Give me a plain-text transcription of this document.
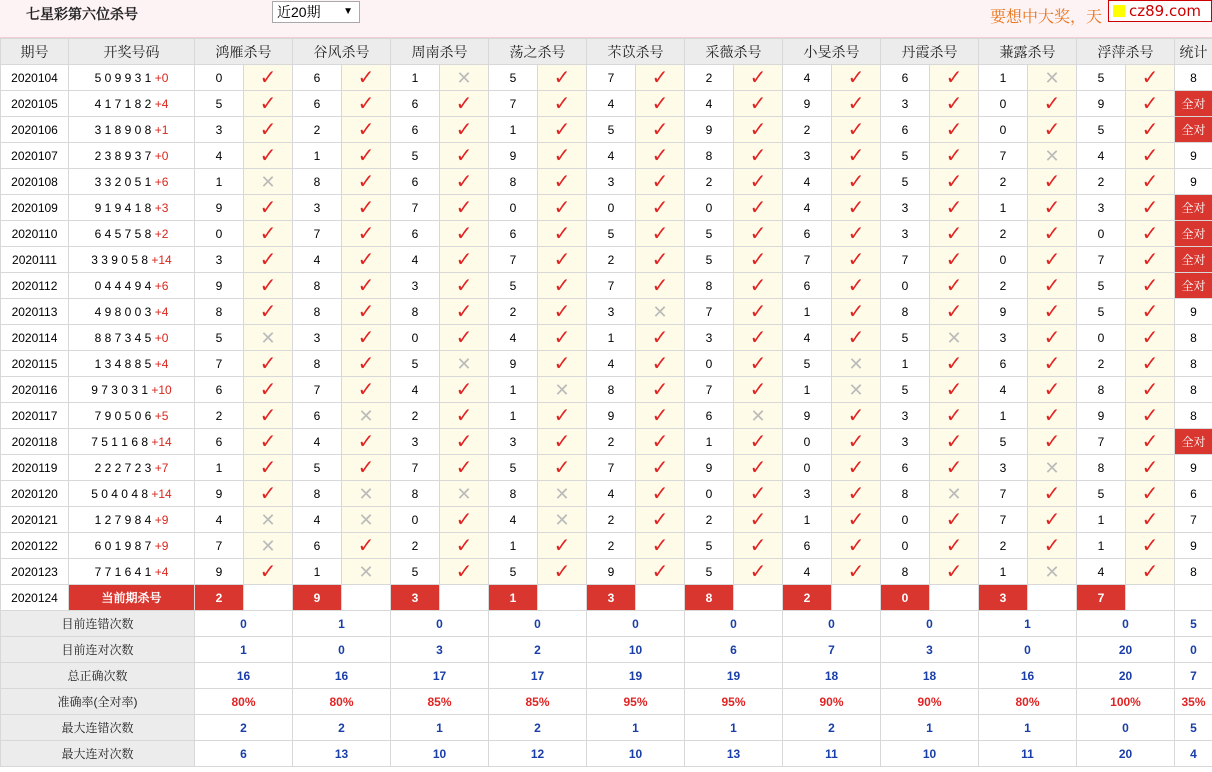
七星彩第六位杀号	近20期 ▼	要想中大奖，天	cz89.com
期号	开奖号码	鸿雁杀号		谷风杀号		周南杀号		荡之杀号		芣苡杀号		采薇杀号		小旻杀号		丹霞杀号		蒹露杀号		浮萍杀号		统计
2020104	5 0 9 9 3 1 +0	0	✓	6	✓	1	✕	5	✓	7	✓	2	✓	4	✓	6	✓	1	✕	5	✓	8
2020105	4 1 7 1 8 2 +4	5	✓	6	✓	6	✓	7	✓	4	✓	4	✓	9	✓	3	✓	0	✓	9	✓	全对
2020106	3 1 8 9 0 8 +1	3	✓	2	✓	6	✓	1	✓	5	✓	9	✓	2	✓	6	✓	0	✓	5	✓	全对
2020107	2 3 8 9 3 7 +0	4	✓	1	✓	5	✓	9	✓	4	✓	8	✓	3	✓	5	✓	7	✕	4	✓	9
2020108	3 3 2 0 5 1 +6	1	✕	8	✓	6	✓	8	✓	3	✓	2	✓	4	✓	5	✓	2	✓	2	✓	9
2020109	9 1 9 4 1 8 +3	9	✓	3	✓	7	✓	0	✓	0	✓	0	✓	4	✓	3	✓	1	✓	3	✓	全对
2020110	6 4 5 7 5 8 +2	0	✓	7	✓	6	✓	6	✓	5	✓	5	✓	6	✓	3	✓	2	✓	0	✓	全对
2020111	3 3 9 0 5 8 +14	3	✓	4	✓	4	✓	7	✓	2	✓	5	✓	7	✓	7	✓	0	✓	7	✓	全对
2020112	0 4 4 4 9 4 +6	9	✓	8	✓	3	✓	5	✓	7	✓	8	✓	6	✓	0	✓	2	✓	5	✓	全对
2020113	4 9 8 0 0 3 +4	8	✓	8	✓	8	✓	2	✓	3	✕	7	✓	1	✓	8	✓	9	✓	5	✓	9
2020114	8 8 7 3 4 5 +0	5	✕	3	✓	0	✓	4	✓	1	✓	3	✓	4	✓	5	✕	3	✓	0	✓	8
2020115	1 3 4 8 8 5 +4	7	✓	8	✓	5	✕	9	✓	4	✓	0	✓	5	✕	1	✓	6	✓	2	✓	8
2020116	9 7 3 0 3 1 +10	6	✓	7	✓	4	✓	1	✕	8	✓	7	✓	1	✕	5	✓	4	✓	8	✓	8
2020117	7 9 0 5 0 6 +5	2	✓	6	✕	2	✓	1	✓	9	✓	6	✕	9	✓	3	✓	1	✓	9	✓	8
2020118	7 5 1 1 6 8 +14	6	✓	4	✓	3	✓	3	✓	2	✓	1	✓	0	✓	3	✓	5	✓	7	✓	全对
2020119	2 2 2 7 2 3 +7	1	✓	5	✓	7	✓	5	✓	7	✓	9	✓	0	✓	6	✓	3	✕	8	✓	9
2020120	5 0 4 0 4 8 +14	9	✓	8	✕	8	✕	8	✕	4	✓	0	✓	3	✓	8	✕	7	✓	5	✓	6
2020121	1 2 7 9 8 4 +9	4	✕	4	✕	0	✓	4	✕	2	✓	2	✓	1	✓	0	✓	7	✓	1	✓	7
2020122	6 0 1 9 8 7 +9	7	✕	6	✓	2	✓	1	✓	2	✓	5	✓	6	✓	0	✓	2	✓	1	✓	9
2020123	7 7 1 6 4 1 +4	9	✓	1	✕	5	✓	5	✓	9	✓	5	✓	4	✓	8	✓	1	✕	4	✓	8
2020124	当前期杀号	2		9		3		1		3		8		2		0		3		7		
目前连错次数		0		1		0		0		0		0		0		0		1		0		5
目前连对次数		1		0		3		2		10		6		7		3		0		20		0
总正确次数		16		16		17		17		19		19		18		18		16		20		7
准确率(全对率)		80%		80%		85%		85%		95%		95%		90%		90%		80%		100%		35%
最大连错次数		2		2		1		2		1		1		2		1		1		0		5
最大连对次数		6		13		10		12		10		13		11		10		11		20		4
